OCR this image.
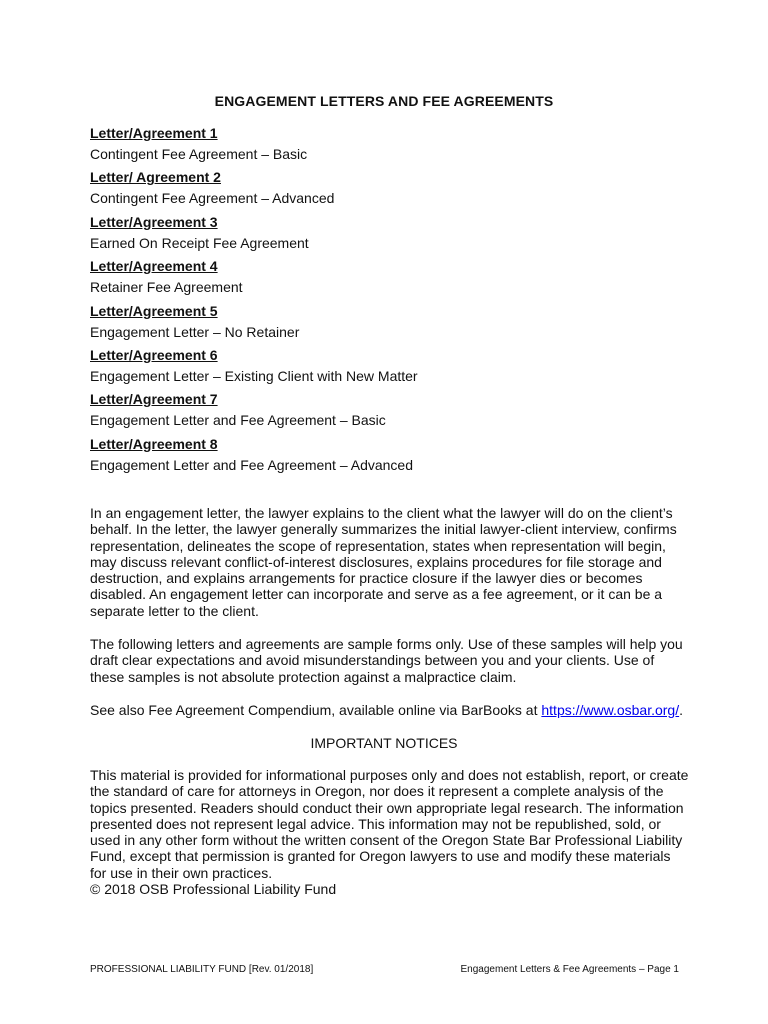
ENGAGEMENT LETTERS AND FEE AGREEMENTS
Letter/Agreement 1
Contingent Fee Agreement – Basic
Letter/ Agreement 2
Contingent Fee Agreement – Advanced
Letter/Agreement 3
Earned On Receipt Fee Agreement
Letter/Agreement 4
Retainer Fee Agreement
Letter/Agreement 5
Engagement Letter – No Retainer
Letter/Agreement 6
Engagement Letter – Existing Client with New Matter
Letter/Agreement 7
Engagement Letter and Fee Agreement – Basic
Letter/Agreement 8
Engagement Letter and Fee Agreement – Advanced

In an engagement letter, the lawyer explains to the client what the lawyer will do on the client’s behalf. In the letter, the lawyer generally summarizes the initial lawyer-client interview, confirms representation, delineates the scope of representation, states when representation will begin, may discuss relevant conflict-of-interest disclosures, explains procedures for file storage and destruction, and explains arrangements for practice closure if the lawyer dies or becomes disabled. An engagement letter can incorporate and serve as a fee agreement, or it can be a separate letter to the client.

The following letters and agreements are sample forms only. Use of these samples will help you draft clear expectations and avoid misunderstandings between you and your clients. Use of these samples is not absolute protection against a malpractice claim.

See also Fee Agreement Compendium, available online via BarBooks at https://www.osbar.org/.

IMPORTANT NOTICES

This material is provided for informational purposes only and does not establish, report, or create the standard of care for attorneys in Oregon, nor does it represent a complete analysis of the topics presented. Readers should conduct their own appropriate legal research. The information presented does not represent legal advice. This information may not be republished, sold, or used in any other form without the written consent of the Oregon State Bar Professional Liability Fund, except that permission is granted for Oregon lawyers to use and modify these materials for use in their own practices.

© 2018 OSB Professional Liability Fund
PROFESSIONAL LIABILITY FUND [Rev. 01/2018]	Engagement Letters & Fee Agreements – Page 1
